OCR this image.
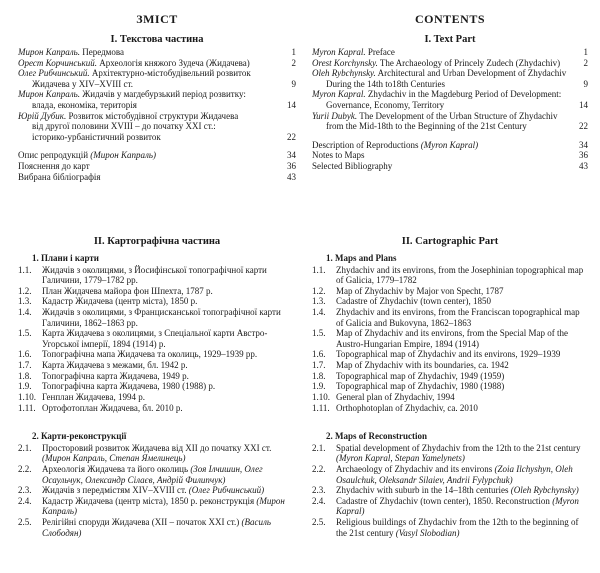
ЗМІСТ
І. Текстова частина
Мирон Капраль. Передмова	1
Орест Корчинський. Археологія княжого Зудеча (Жидачева)	2
Олег Рибчинський. Архітектурно-містобудівельний розвиток
Жидачева у XIV–XVIII ст.	9
Мирон Капраль. Жидачів у магдебурзький період розвитку:
влада, економіка, територія	14
Юрій Дубик. Розвиток містобудівної структури Жидачева
від другої половини XVIII – до початку XXI ст.:
історико-урбаністичний розвиток	22
Опис репродукцій (Мирон Капраль)	34
Пояснення до карт	36
Вибрана бібліографія	43
ІІ. Картографічна частина
1. Плани і карти
1.1. Жидачів з околицями, з Йосифінської топографічної карти Галичини, 1779–1782 рр.
1.2. План Жидачева майора фон Шпехта, 1787 р.
1.3. Кадастр Жидачева (центр міста), 1850 р.
1.4. Жидачів з околицями, з Францисканської топографічної карти Галичини, 1862–1863 рр.
1.5. Карта Жидачева з околицями, з Спеціальної карти Австро-Угорської імперії, 1894 (1914) р.
1.6. Топографічна мапа Жидачева та околиць, 1929–1939 рр.
1.7. Карта Жидачева з межами, бл. 1942 р.
1.8. Топографічна карта Жидачева, 1949 р.
1.9. Топографічна карта Жидачева, 1980 (1988) р.
1.10. Генплан Жидачева, 1994 р.
1.11. Ортофотоплан Жидачева, бл. 2010 р.
2. Карти-реконструкції
2.1. Просторовий розвиток Жидачева від XII до початку XXI ст. (Мирон Капраль, Степан Ямелинець)
2.2. Археологія Жидачева та його околиць (Зоя Ілчишин, Олег Осаульчук, Олександр Сілаєв, Андрій Филипчук)
2.3. Жидачів з передмістям XIV–XVIII ст. (Олег Рибчинський)
2.4. Кадастр Жидачева (центр міста), 1850 р. реконструкція (Мирон Капраль)
2.5. Релігійні споруди Жидачева (XII – початок XXI ст.) (Василь Слободян)
CONTENTS
I. Text Part
Myron Kapral. Preface	1
Orest Korchynsky. The Archaeology of Princely Zudech (Zhydachiv)	2
Oleh Rybchynsky. Architectural and Urban Development of Zhydachiv
During the 14th to18th Centuries	9
Myron Kapral. Zhydachiv in the Magdeburg Period of Development:
Governance, Economy, Territory	14
Yurii Dubyk. The Development of the Urban Structure of Zhydachiv
from the Mid-18th to the Beginning of the 21st Century	22
Description of Reproductions (Myron Kapral)	34
Notes to Maps	36
Selected Bibliography	43
II. Cartographic Part
1. Maps and Plans
1.1. Zhydachiv and its environs, from the Josephinian topographical map of Galicia, 1779–1782
1.2. Map of Zhydachiv by Major von Specht, 1787
1.3. Cadastre of Zhydachiv (town center), 1850
1.4. Zhydachiv and its environs, from the Franciscan topographical map of Galicia and Bukovyna, 1862–1863
1.5. Map of Zhydachiv and its environs, from the Special Map of the Austro-Hungarian Empire, 1894 (1914)
1.6. Topographical map of Zhydachiv and its environs, 1929–1939
1.7. Map of Zhydachiv with its boundaries, ca. 1942
1.8. Topographical map of Zhydachiv, 1949 (1959)
1.9. Topographical map of Zhydachiv, 1980 (1988)
1.10. General plan of Zhydachiv, 1994
1.11. Orthophotoplan of Zhydachiv, ca. 2010
2. Maps of Reconstruction
2.1. Spatial development of Zhydachiv from the 12th to the 21st century (Myron Kapral, Stepan Yamelynets)
2.2. Archaeology of Zhydachiv and its environs (Zoia Ilchyshyn, Oleh Osaulchuk, Oleksandr Silaiev, Andrii Fylypchuk)
2.3. Zhydachiv with suburb in the 14–18th centuries (Oleh Rybchynsky)
2.4. Cadastre of Zhydachiv (town center), 1850. Reconstruction (Myron Kapral)
2.5. Religious buildings of Zhydachiv from the 12th to the beginning of the 21st century (Vasyl Slobodian)
